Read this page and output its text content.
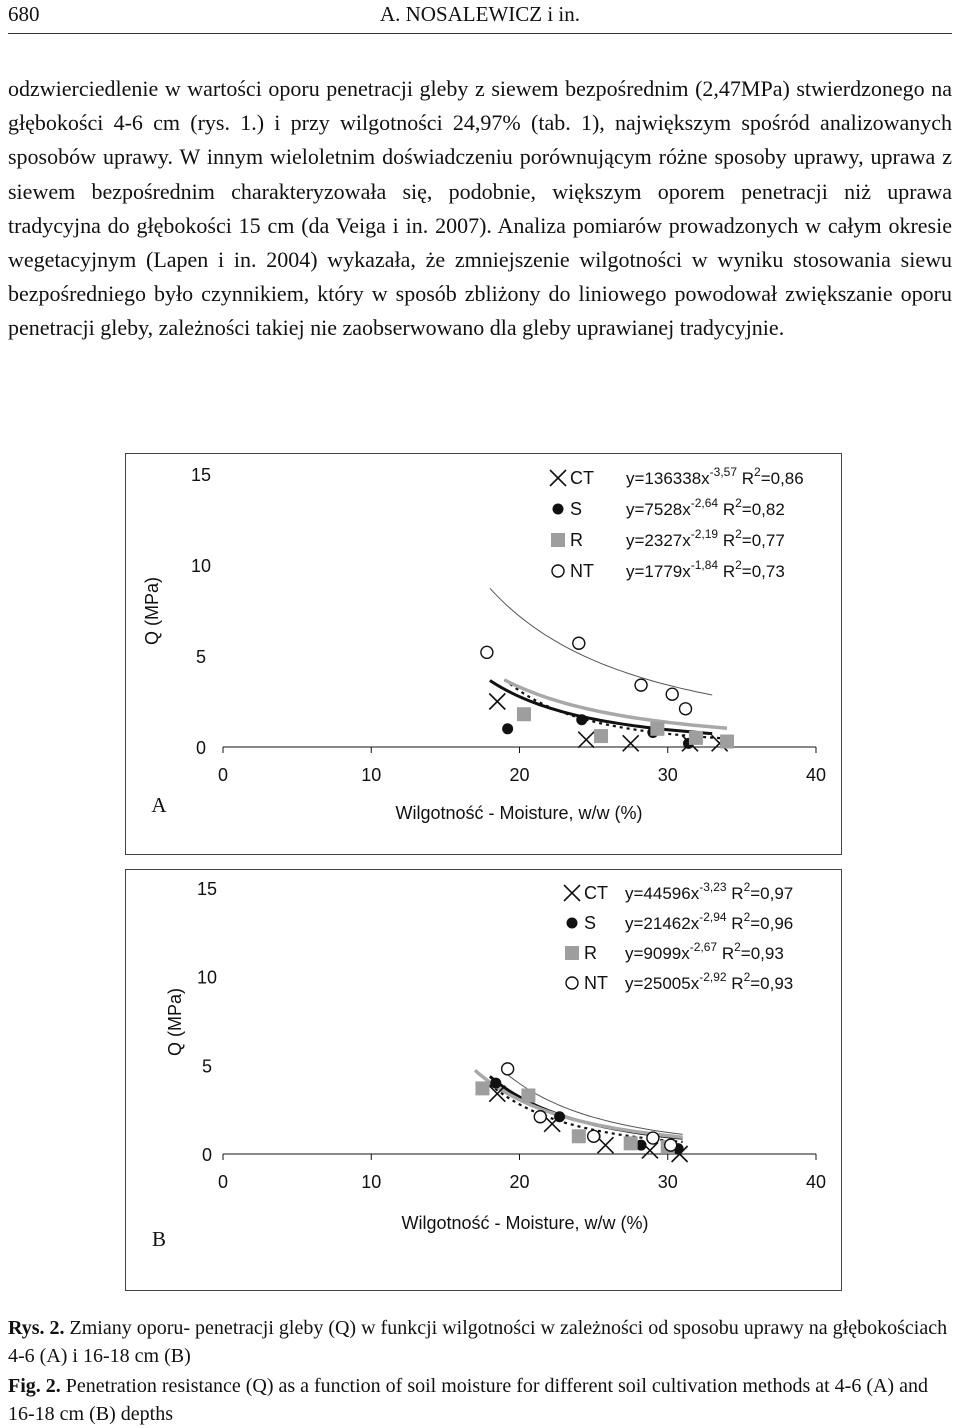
680	A. NOSALEWICZ i in.

odzwierciedlenie w wartości oporu penetracji gleby z siewem bezpośrednim (2,47MPa) stwierdzonego na głębokości 4-6 cm (rys. 1.) i przy wilgotności 24,97% (tab. 1), największym spośród analizowanych sposobów uprawy. W innym wieloletnim doświadczeniu porównującym różne sposoby uprawy, uprawa z siewem bezpośrednim charakteryzowała się, podobnie, większym oporem penetracji niż uprawa tradycyjna do głębokości 15 cm (da Veiga i in. 2007). Analiza pomiarów prowadzonych w całym okresie wegetacyjnym (Lapen i in. 2004) wykazała, że zmniejszenie wilgotności w wyniku stosowania siewu bezpośredniego było czynnikiem, który w sposób zbliżony do liniowego powodował zwiększanie oporu penetracji gleby, zależności takiej nie zaobserwowano dla gleby uprawianej tradycyjnie.

0	10	20	30	40
0
5
10
15
Wilgotność - Moisture, w/w (%)
Q (MPa)
A
CT $y=136338x^{-3,57}$ $R^2=0,86$
S	$y=7528x^{-2,64}$ $R^2=0,82$
R	$y=2327x^{-2,19}$ $R^2=0,77$
NT $y=1779x^{-1,84}$ $R^2=0,73$
0	10	20	30	40
0
5
10
15
Wilgotność - Moisture, w/w (%)
Q (MPa)
B
CT $y=44596x^{-3,23}$ $R^2=0,97$
S $y=21462x^{-2,94}$ $R^2=0,96$
R $y=9099x^{-2,67}$ $R^2=0,93$
NT $y=25005x^{-2,92}$ $R^2=0,93$

Rys. 2. Zmiany oporu- penetracji gleby (Q) w funkcji wilgotności w zależności od sposobu uprawy na głębokościach 4-6 (A) i 16-18 cm (B)

Fig. 2. Penetration resistance (Q) as a function of soil moisture for different soil cultivation methods at 4-6 (A) and 16-18 cm (B) depths
